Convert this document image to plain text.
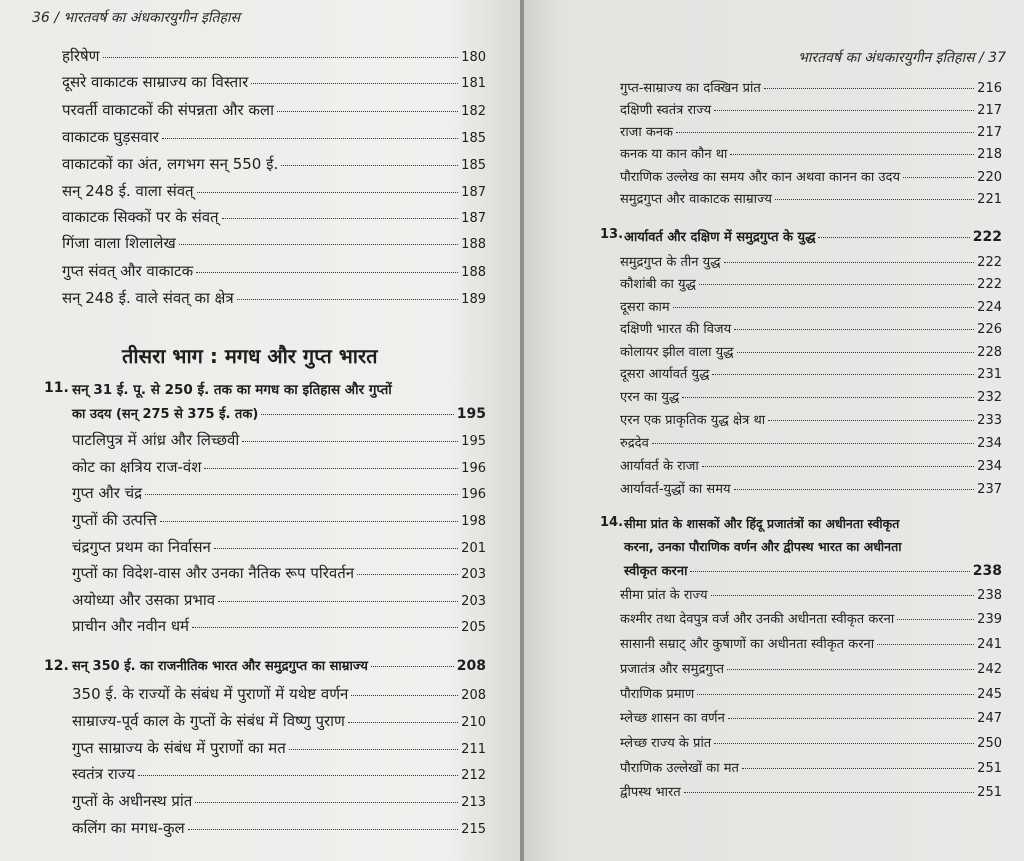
36 / भारतवर्ष का अंधकारयुगीन इतिहास
हरिषेण	180
दूसरे वाकाटक साम्राज्य का विस्तार	181
परवर्ती वाकाटकों की संपन्नता और कला	182
वाकाटक घुड़सवार	185
वाकाटकों का अंत, लगभग सन् 550 ई.	185
सन् 248 ई. वाला संवत्	187
वाकाटक सिक्कों पर के संवत्	187
गिंजा वाला शिलालेख	188
गुप्त संवत् और वाकाटक	188
सन् 248 ई. वाले संवत् का क्षेत्र	189
तीसरा भाग : मगध और गुप्त भारत
11. सन् 31 ई. पू. से 250 ई. तक का मगध का इतिहास और गुप्तों
का उदय (सन् 275 से 375 ई. तक)	195
पाटलिपुत्र में आंध्र और लिच्छवी	195
कोट का क्षत्रिय राज-वंश	196
गुप्त और चंद्र	196
गुप्तों की उत्पत्ति	198
चंद्रगुप्त प्रथम का निर्वासन	201
गुप्तों का विदेश-वास और उनका नैतिक रूप परिवर्तन	203
अयोध्या और उसका प्रभाव	203
प्राचीन और नवीन धर्म	205
12. सन् 350 ई. का राजनीतिक भारत और समुद्रगुप्त का साम्राज्य	208
350 ई. के राज्यों के संबंध में पुराणों में यथेष्ट वर्णन	208
साम्राज्य-पूर्व काल के गुप्तों के संबंध में विष्णु पुराण	210
गुप्त साम्राज्य के संबंध में पुराणों का मत	211
स्वतंत्र राज्य	212
गुप्तों के अधीनस्थ प्रांत	213
कलिंग का मगध-कुल	215
भारतवर्ष का अंधकारयुगीन इतिहास / 37
गुप्त-साम्राज्य का दक्खिन प्रांत	216
दक्षिणी स्वतंत्र राज्य	217
राजा कनक	217
कनक या कान कौन था	218
पौराणिक उल्लेख का समय और कान अथवा कानन का उदय	220
समुद्रगुप्त और वाकाटक साम्राज्य	221
13. आर्यावर्त और दक्षिण में समुद्रगुप्त के युद्ध	222
समुद्रगुप्त के तीन युद्ध	222
कौशांबी का युद्ध	222
दूसरा काम	224
दक्षिणी भारत की विजय	226
कोलायर झील वाला युद्ध	228
दूसरा आर्यावर्त युद्ध	231
एरन का युद्ध	232
एरन एक प्राकृतिक युद्ध क्षेत्र था	233
रुद्रदेव	234
आर्यावर्त के राजा	234
आर्यावर्त-युद्धों का समय	237
14. सीमा प्रांत के शासकों और हिंदू प्रजातंत्रों का अधीनता स्वीकृत
करना, उनका पौराणिक वर्णन और द्वीपस्थ भारत का अधीनता
स्वीकृत करना	238
सीमा प्रांत के राज्य	238
कश्मीर तथा देवपुत्र वर्ज और उनकी अधीनता स्वीकृत करना	239
सासानी सम्राट् और कुषाणों का अधीनता स्वीकृत करना	241
प्रजातंत्र और समुद्रगुप्त	242
पौराणिक प्रमाण	245
म्लेच्छ शासन का वर्णन	247
म्लेच्छ राज्य के प्रांत	250
पौराणिक उल्लेखों का मत	251
द्वीपस्थ भारत	251
